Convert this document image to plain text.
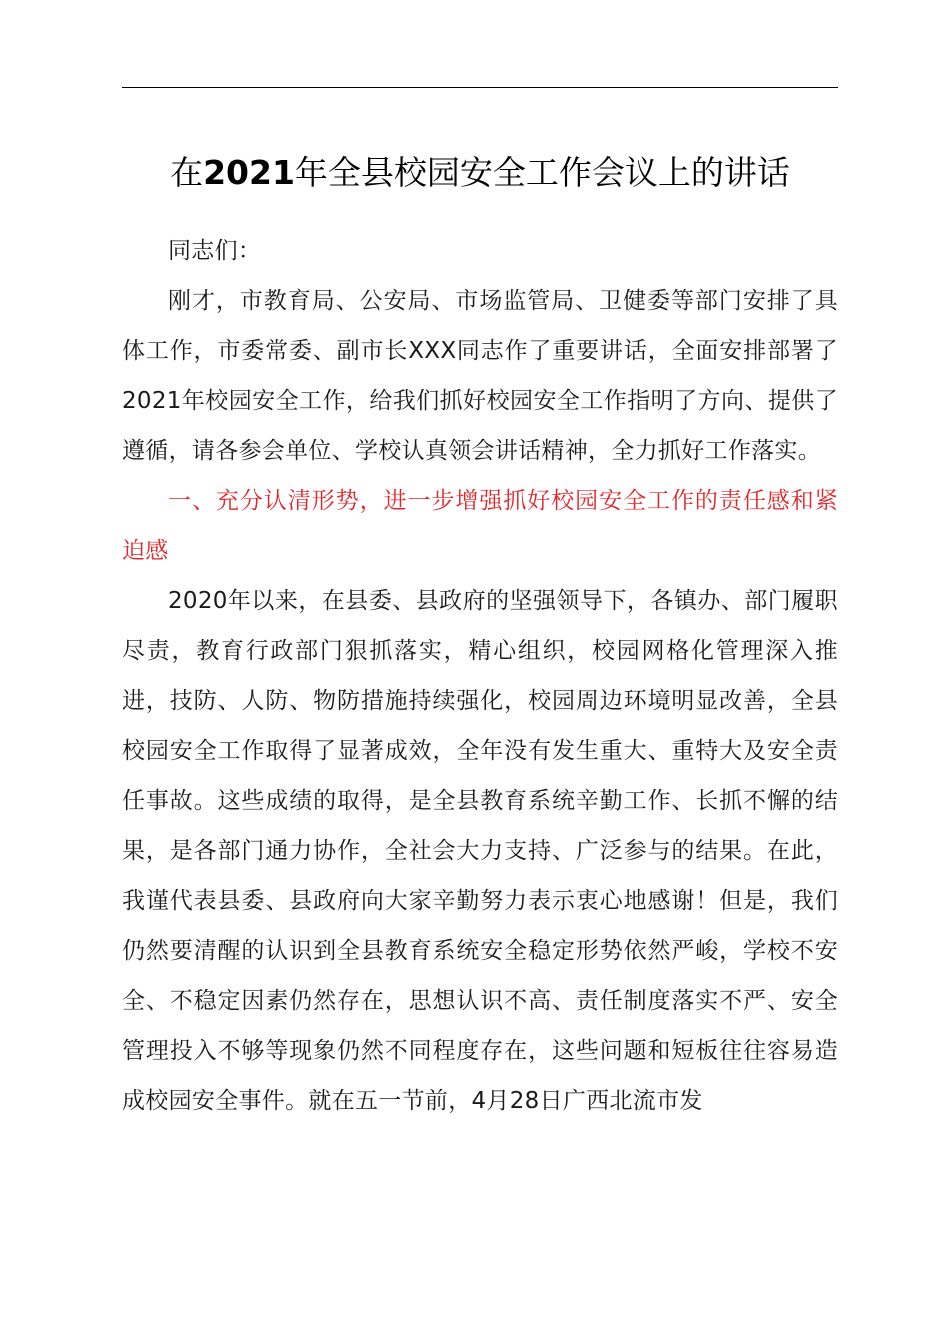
在2021年全县校园安全工作会议上的讲话

同志们：

刚才，市教育局、公安局、市场监管局、卫健委等部门安排了具体工作，市委常委、副市长XXX同志作了重要讲话，全面安排部署了2021年校园安全工作，给我们抓好校园安全工作指明了方向、提供了遵循，请各参会单位、学校认真领会讲话精神，全力抓好工作落实。

一、充分认清形势，进一步增强抓好校园安全工作的责任感和紧迫感

2020年以来，在县委、县政府的坚强领导下，各镇办、部门履职尽责，教育行政部门狠抓落实，精心组织，校园网格化管理深入推进，技防、人防、物防措施持续强化，校园周边环境明显改善，全县校园安全工作取得了显著成效，全年没有发生重大、重特大及安全责任事故。这些成绩的取得，是全县教育系统辛勤工作、长抓不懈的结果，是各部门通力协作，全社会大力支持、广泛参与的结果。在此，我谨代表县委、县政府向大家辛勤努力表示衷心地感谢！但是，我们仍然要清醒的认识到全县教育系统安全稳定形势依然严峻，学校不安全、不稳定因素仍然存在，思想认识不高、责任制度落实不严、安全管理投入不够等现象仍然不同程度存在，这些问题和短板往往容易造成校园安全事件。就在五一节前，4月28日广西北流市发
